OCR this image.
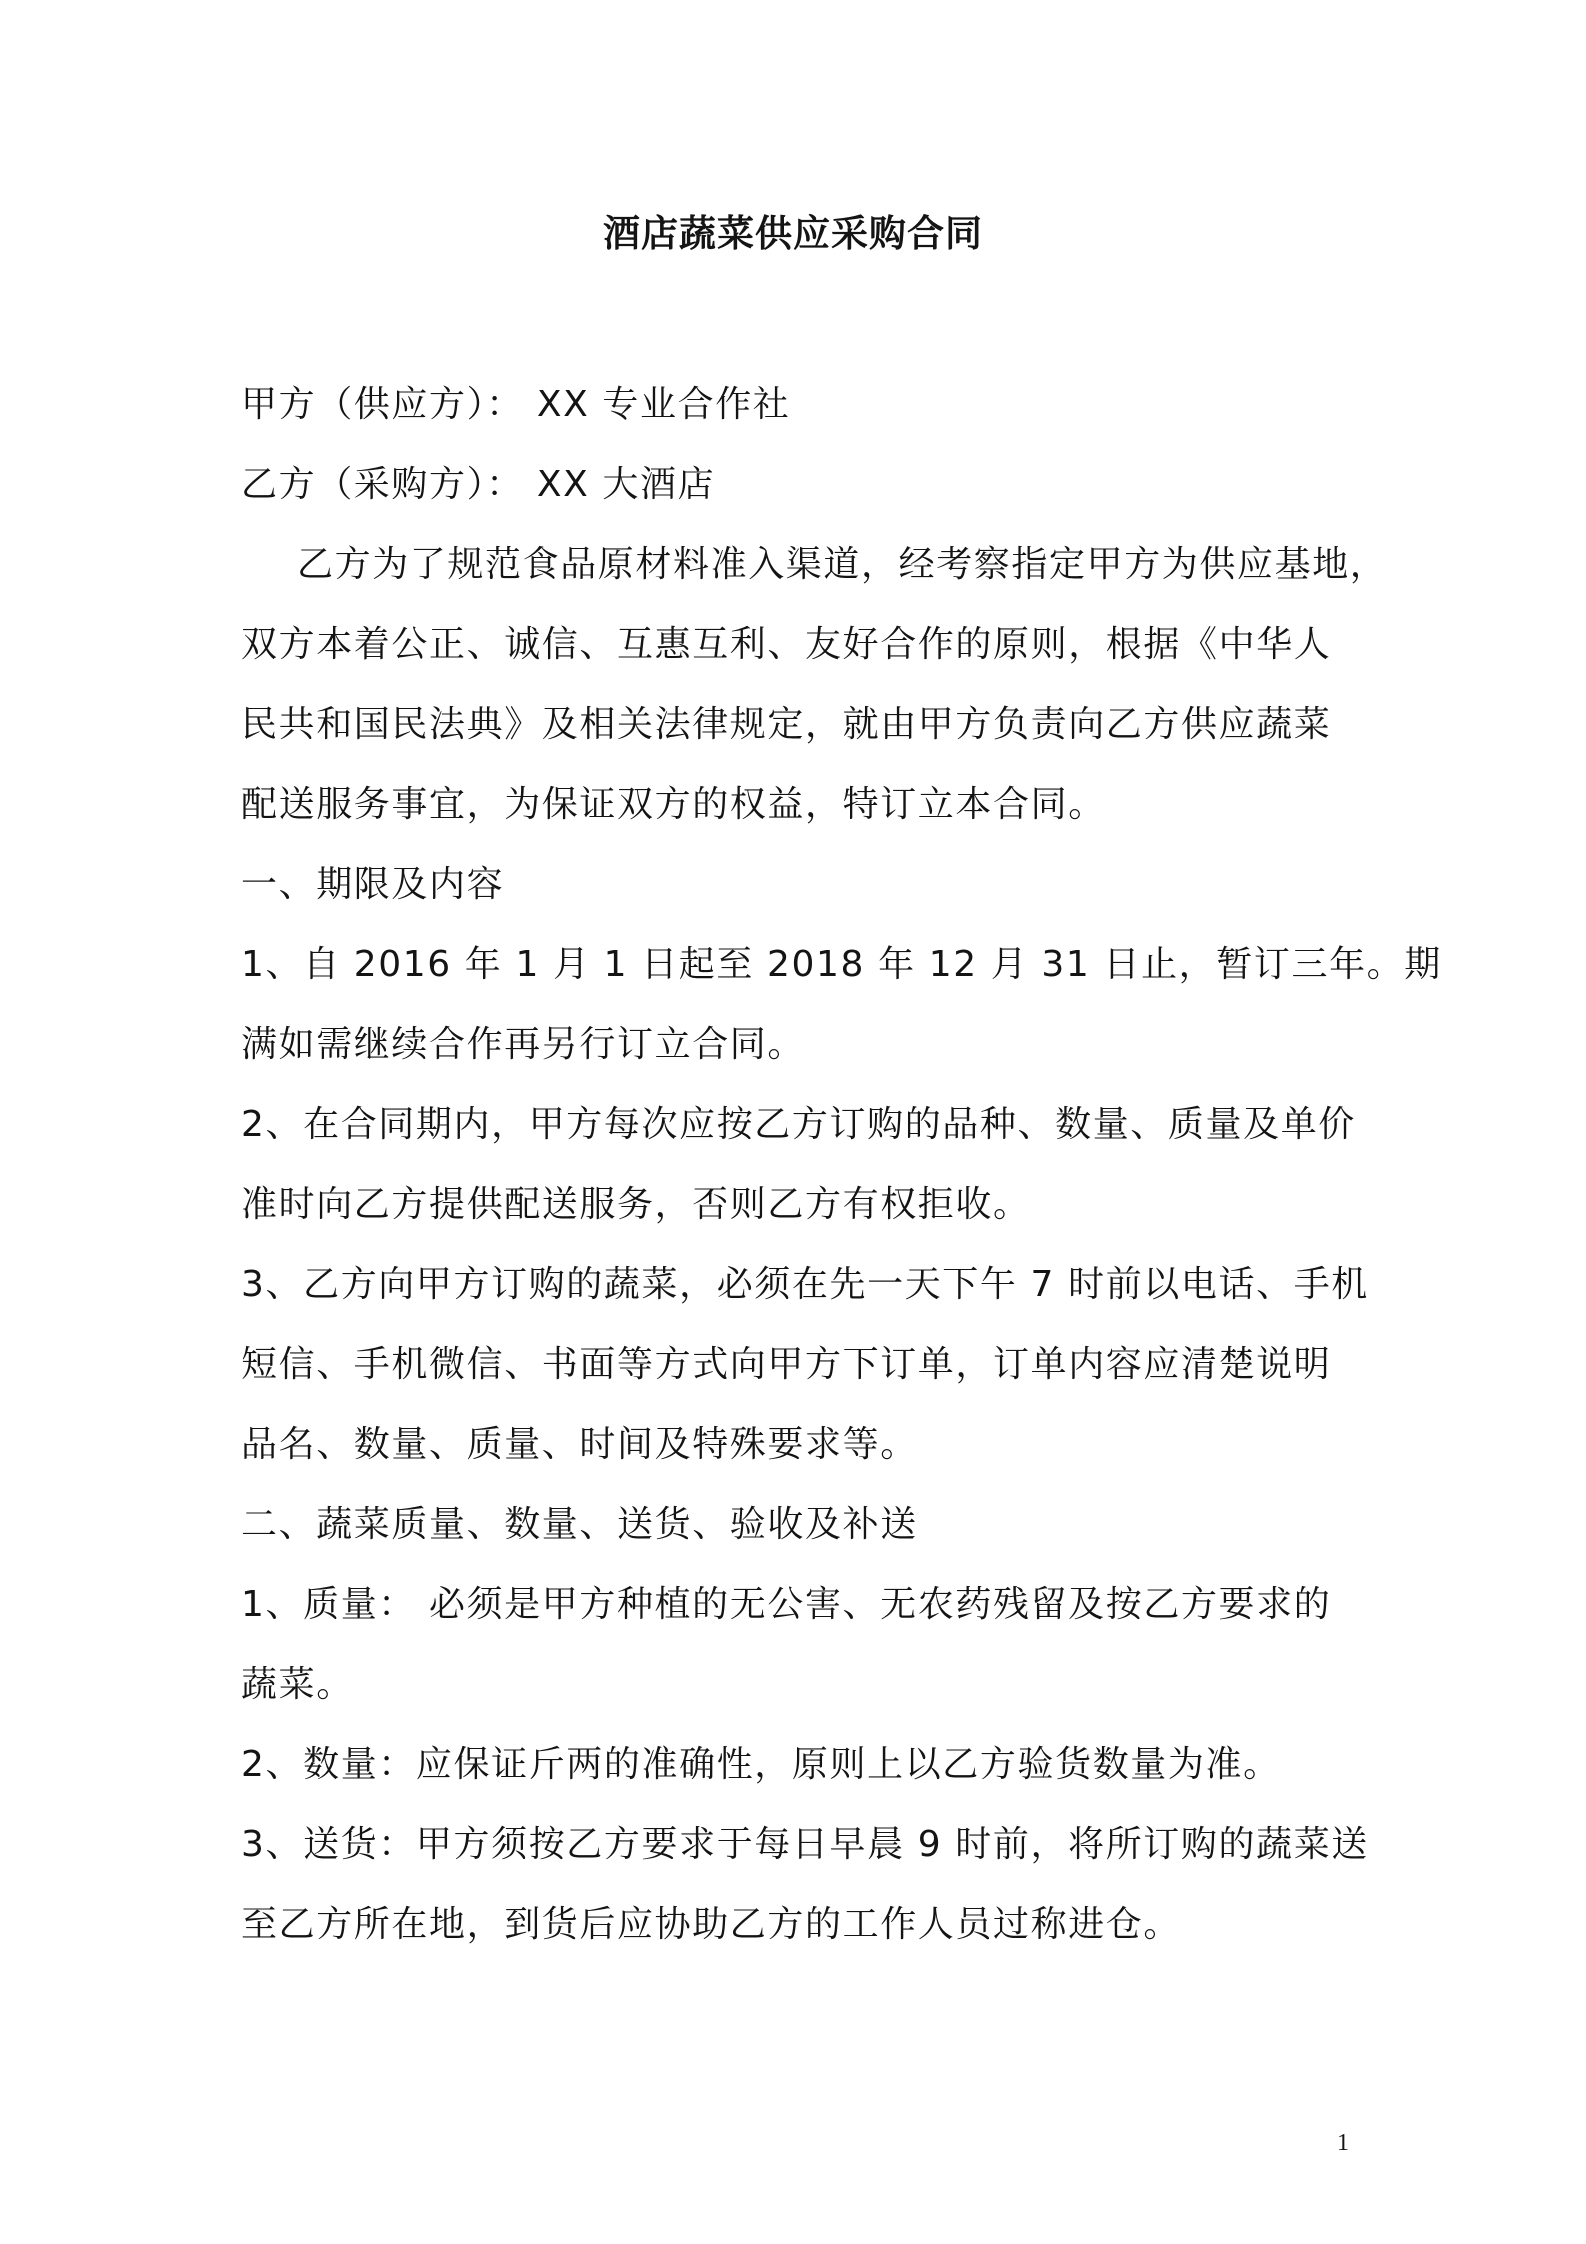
酒店蔬菜供应采购合同
甲方（供应方）： XX 专业合作社
乙方（采购方）： XX 大酒店
乙方为了规范食品原材料准入渠道，经考察指定甲方为供应基地，
双方本着公正、诚信、互惠互利、友好合作的原则，根据《中华人
民共和国民法典》及相关法律规定，就由甲方负责向乙方供应蔬菜
配送服务事宜，为保证双方的权益，特订立本合同。
一、期限及内容
1、自 2016 年 1 月 1 日起至 2018 年 12 月 31 日止，暂订三年。期
满如需继续合作再另行订立合同。
2、在合同期内，甲方每次应按乙方订购的品种、数量、质量及单价
准时向乙方提供配送服务，否则乙方有权拒收。
3、乙方向甲方订购的蔬菜，必须在先一天下午 7 时前以电话、手机
短信、手机微信、书面等方式向甲方下订单，订单内容应清楚说明
品名、数量、质量、时间及特殊要求等。
二、蔬菜质量、数量、送货、验收及补送
1、质量： 必须是甲方种植的无公害、无农药残留及按乙方要求的
蔬菜。
2、数量：应保证斤两的准确性，原则上以乙方验货数量为准。
3、送货：甲方须按乙方要求于每日早晨 9 时前，将所订购的蔬菜送
至乙方所在地，到货后应协助乙方的工作人员过称进仓。
1
